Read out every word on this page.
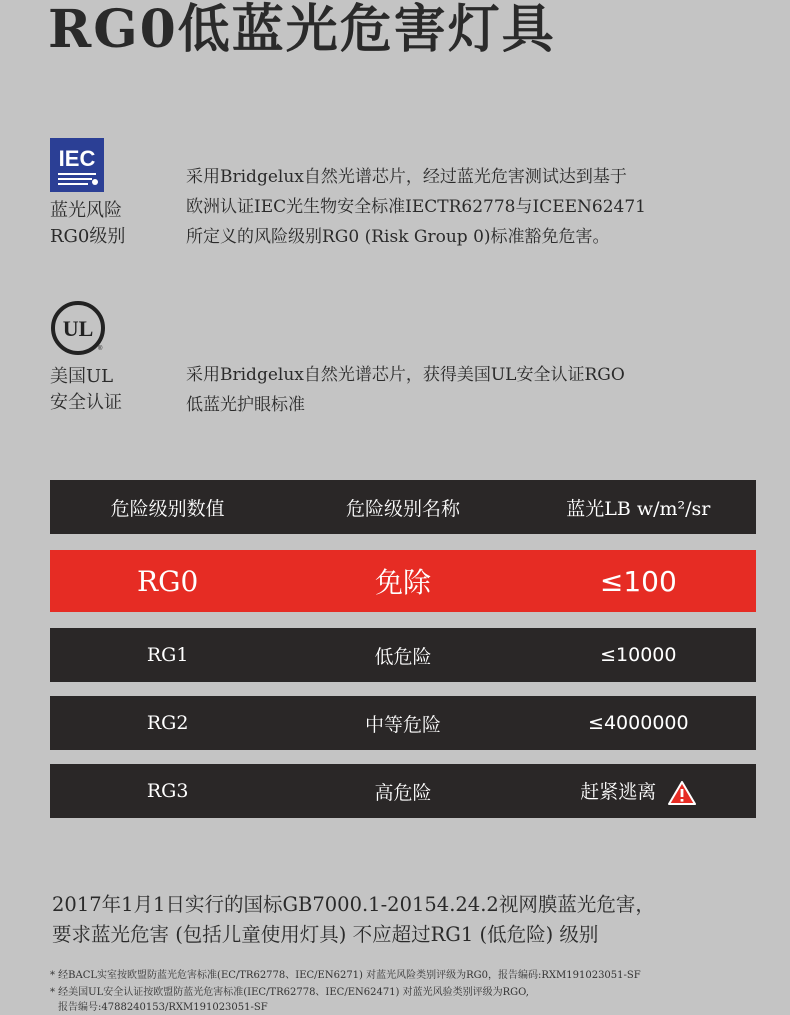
RG0低蓝光危害灯具
IEC
蓝光风险
RG0级别
采用Bridgelux自然光谱芯片，经过蓝光危害测试达到基于
欧洲认证IEC光生物安全标准IECTR62778与ICEEN62471
所定义的风险级别RG0 (Risk Group 0)标准豁免危害。
UL
®
美国UL
安全认证
采用Bridgelux自然光谱芯片，获得美国UL安全认证RGO
低蓝光护眼标准
危险级别数值	危险级别名称	蓝光LB w/m²/sr
RG0	免除	≤100
RG1	低危险	≤10000
RG2	中等危险	≤4000000
RG3	高危险	赶紧逃离
2017年1月1日实行的国标GB7000.1-20154.24.2视网膜蓝光危害，
要求蓝光危害 (包括儿童使用灯具) 不应超过RG1 (低危险) 级别
* 经BACL实室按欧盟防蓝光危害标准(EC/TR62778、IEC/EN6271) 对蓝光风险类别评级为RG0，报告编码:RXM191023051-SF
* 经美国UL安全认证按欧盟防蓝光危害标准(IEC/TR62778、IEC/EN62471) 对蓝光风验类别评级为RGO,
报告编号:4788240153/RXM191023051-SF
